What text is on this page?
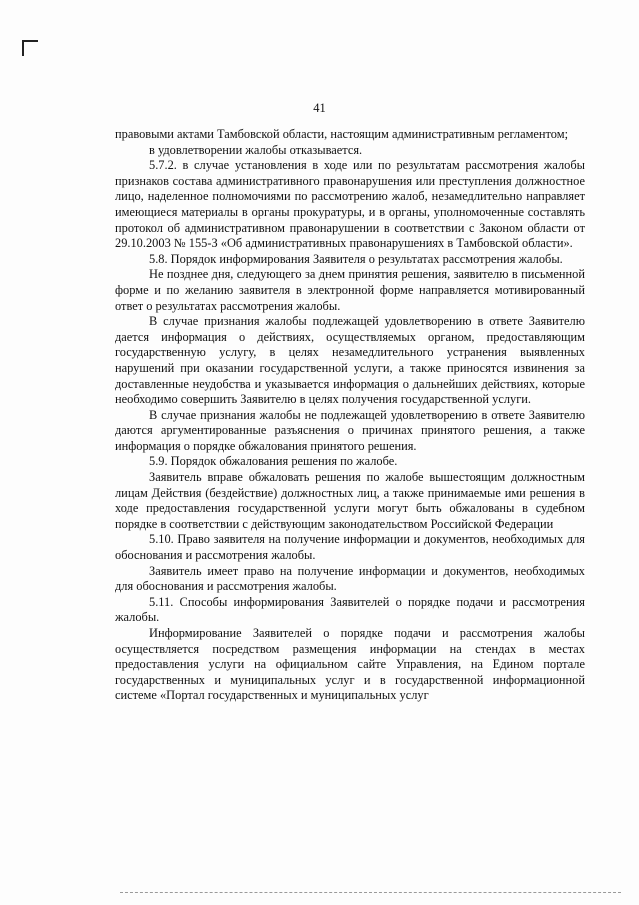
41

правовыми актами Тамбовской области, настоящим административным регламентом;

в удовлетворении жалобы отказывается.

5.7.2. в случае установления в ходе или по результатам рассмотрения жалобы признаков состава административного правонарушения или преступления должностное лицо, наделенное полномочиями по рассмотрению жалоб, незамедлительно направляет имеющиеся материалы в органы прокуратуры, и в органы, уполномоченные составлять протокол об административном правонарушении в соответствии с Законом области от 29.10.2003 № 155-З «Об административных правонарушениях в Тамбовской области».

5.8. Порядок информирования Заявителя о результатах рассмотрения жалобы.

Не позднее дня, следующего за днем принятия решения, заявителю в письменной форме и по желанию заявителя в электронной форме направляется мотивированный ответ о результатах рассмотрения жалобы.

В случае признания жалобы подлежащей удовлетворению в ответе Заявителю дается информация о действиях, осуществляемых органом, предоставляющим государственную услугу, в целях незамедлительного устранения выявленных нарушений при оказании государственной услуги, а также приносятся извинения за доставленные неудобства и указывается информация о дальнейших действиях, которые необходимо совершить Заявителю в целях получения государственной услуги.

В случае признания жалобы не подлежащей удовлетворению в ответе Заявителю даются аргументированные разъяснения о причинах принятого решения, а также информация о порядке обжалования принятого решения.

5.9. Порядок обжалования решения по жалобе.

Заявитель вправе обжаловать решения по жалобе вышестоящим должностным лицам Действия (бездействие) должностных лиц, а также принимаемые ими решения в ходе предоставления государственной услуги могут быть обжалованы в судебном порядке в соответствии с действующим законодательством Российской Федерации

5.10. Право заявителя на получение информации и документов, необходимых для обоснования и рассмотрения жалобы.

Заявитель имеет право на получение информации и документов, необходимых для обоснования и рассмотрения жалобы.

5.11. Способы информирования Заявителей о порядке подачи и рассмотрения жалобы.

Информирование Заявителей о порядке подачи и рассмотрения жалобы осуществляется посредством размещения информации на стендах в местах предоставления услуги на официальном сайте Управления, на Едином портале государственных и муниципальных услуг и в государственной информационной системе «Портал государственных и муниципальных услуг
